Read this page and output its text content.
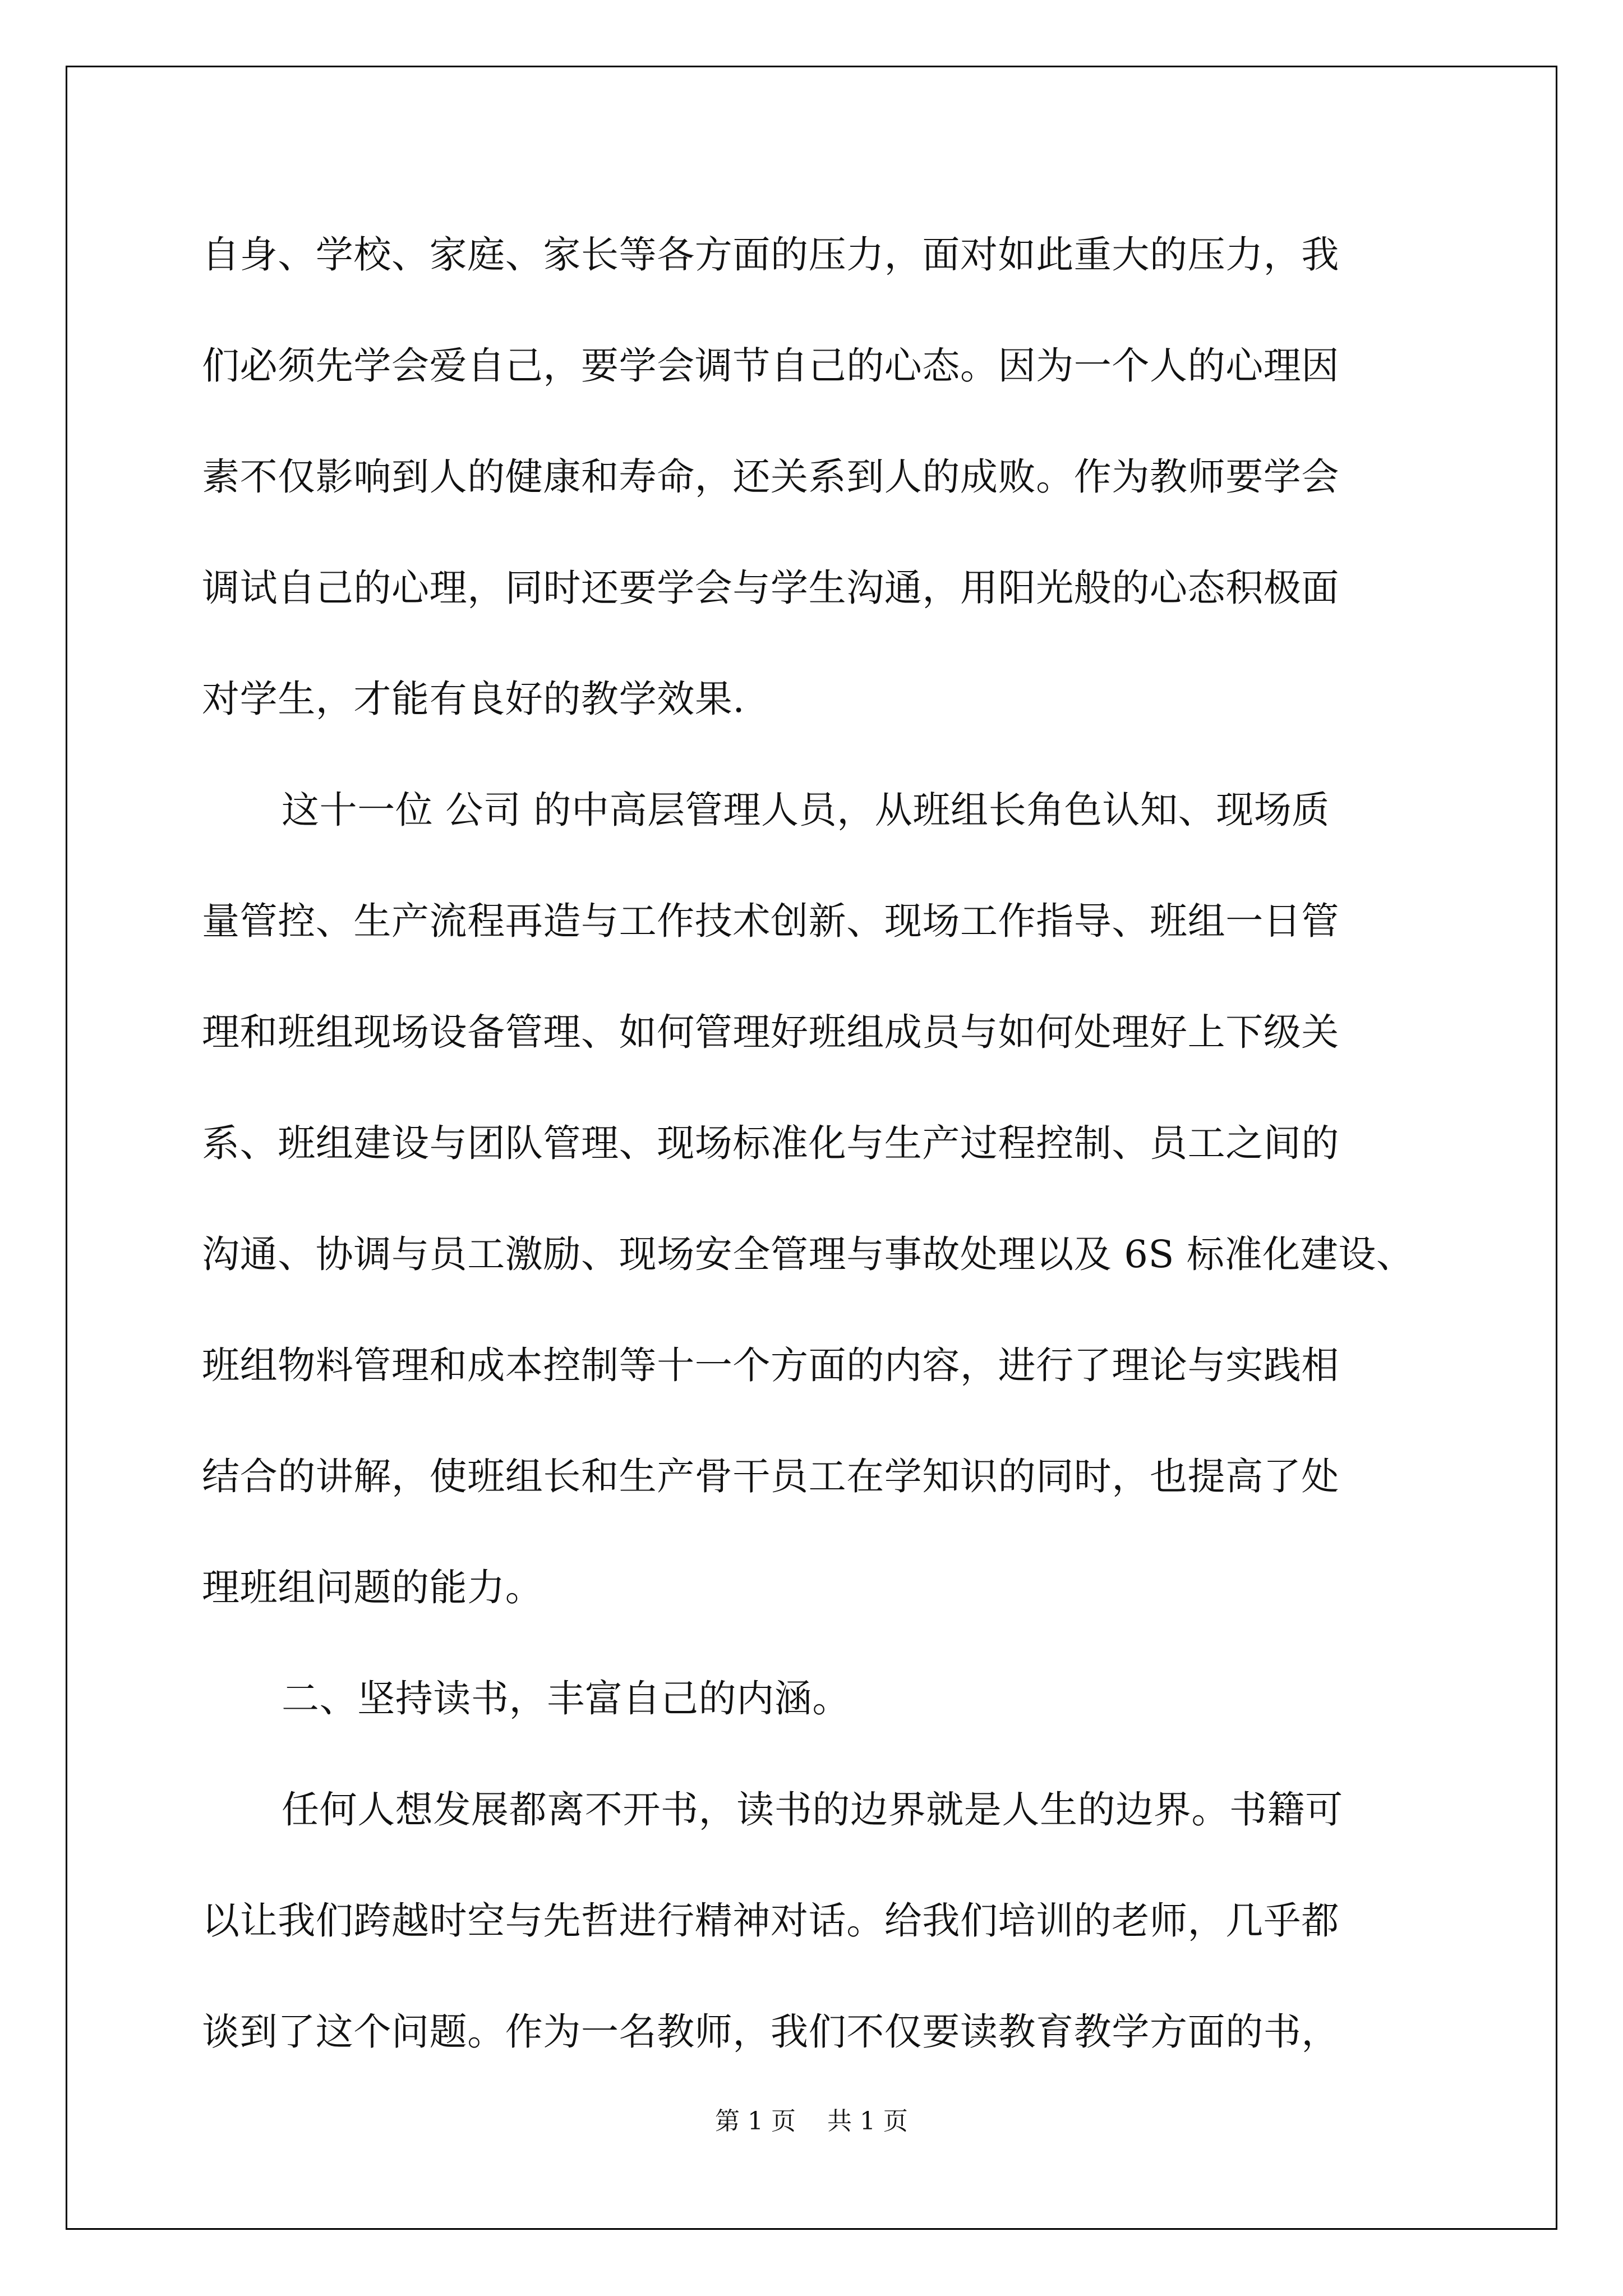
自身、学校、家庭、家长等各方面的压力，面对如此重大的压力，我
们必须先学会爱自己，要学会调节自己的心态。因为一个人的心理因
素不仅影响到人的健康和寿命，还关系到人的成败。作为教师要学会
调试自己的心理，同时还要学会与学生沟通，用阳光般的心态积极面
对学生，才能有良好的教学效果.
这十一位 公司 的中高层管理人员，从班组长角色认知、现场质
量管控、生产流程再造与工作技术创新、现场工作指导、班组一日管
理和班组现场设备管理、如何管理好班组成员与如何处理好上下级关
系、班组建设与团队管理、现场标准化与生产过程控制、员工之间的
沟通、协调与员工激励、现场安全管理与事故处理以及 6S 标准化建设、
班组物料管理和成本控制等十一个方面的内容，进行了理论与实践相
结合的讲解，使班组长和生产骨干员工在学知识的同时，也提高了处
理班组问题的能力。
二、坚持读书，丰富自己的内涵。
任何人想发展都离不开书，读书的边界就是人生的边界。书籍可
以让我们跨越时空与先哲进行精神对话。给我们培训的老师，几乎都
谈到了这个问题。作为一名教师，我们不仅要读教育教学方面的书，
第 1 页    共 1 页
